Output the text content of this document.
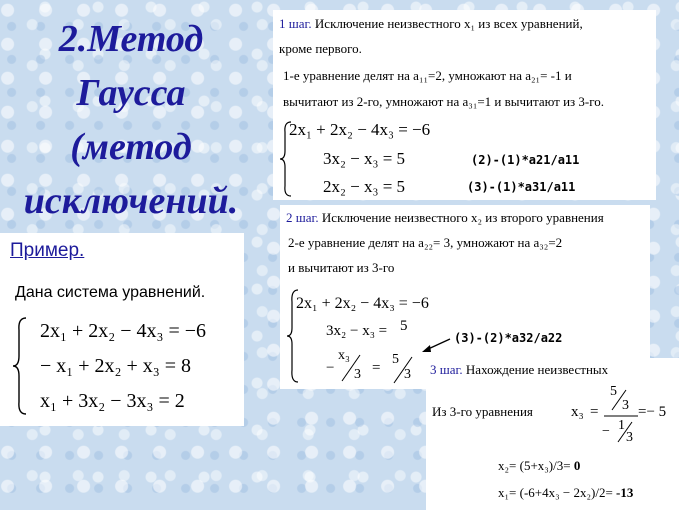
2.Метод
Гаусса
(метод
исключений.
Пример.
Дана система уравнений.
2x₁ + 2x₂ − 4x₃ = −6
− x₁ + 2x₂ + x₃ = 8
x₁ + 3x₂ − 3x₃ = 2
1 шаг. Исключение неизвестного x₁ из всех уравнений,
кроме первого.
1-е уравнение делят на a₁₁=2, умножают на a₂₁= -1 и
вычитают из 2-го, умножают на a₃₁=1 и вычитают из 3-го.
2x₁ + 2x₂ − 4x₃ = −6
3x₂ − x₃ = 5
2x₂ − x₃ = 5
(2)-(1)*a21/a11
(3)-(1)*a31/a11
2 шаг. Исключение неизвестного x₂ из второго уравнения
2-е уравнение делят на a₂₂= 3, умножают на a₃₂=2
и вычитают из 3-го
2x₁ + 2x₂ − 4x₃ = −6
3x₂ − x₃ = 5
−
x₃
3 =
5
3
(3)-(2)*a32/a22
3 шаг. Нахождение неизвестных
Из 3-го уравнения	x₃ =
5
3
− 1
3
=− 5
x₂= (5+x₃)/3= 0
x₁= (-6+4x₃ − 2x₂)/2= -13
